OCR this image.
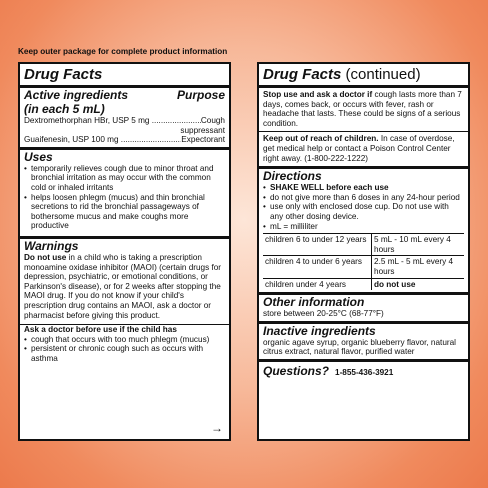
Keep outer package for complete product information
Drug Facts
Active ingredients
(in each 5 mL)
Purpose
Dextromethorphan HBr, USP 5 mg .....	Cough
suppressant
Guaifenesin, USP 100 mg .....	Expectorant
Uses
• temporarily relieves cough due to minor throat and bronchial irritation as may occur with the common cold or inhaled irritants
• helps loosen phlegm (mucus) and thin bronchial secretions to rid the bronchial passageways of bothersome mucus and make coughs more productive
Warnings
Do not use in a child who is taking a prescription monoamine oxidase inhibitor (MAOI) (certain drugs for depression, psychiatric, or emotional conditions, or Parkinson's disease), or for 2 weeks after stopping the MAOI drug. If you do not know if your child's prescription drug contains an MAOI, ask a doctor or pharmacist before giving this product.
Ask a doctor before use if the child has
• cough that occurs with too much phlegm (mucus)
• persistent or chronic cough such as occurs with asthma
→
Drug Facts (continued)
Stop use and ask a doctor if cough lasts more than 7 days, comes back, or occurs with fever, rash or headache that lasts. These could be signs of a serious condition.
Keep out of reach of children. In case of overdose, get medical help or contact a Poison Control Center right away. (1-800-222-1222)
Directions
• SHAKE WELL before each use
• do not give more than 6 doses in any 24-hour period
• use only with enclosed dose cup. Do not use with any other dosing device.
• mL = milliliter
children 6 to under 12 years	5 mL - 10 mL every 4 hours
children 4 to under 6 years	2.5 mL - 5 mL every 4 hours
children under 4 years	do not use
Other information
store between 20-25°C (68-77°F)
Inactive ingredients
organic agave syrup, organic blueberry flavor, natural citrus extract, natural flavor, purified water
Questions? 1-855-436-3921
